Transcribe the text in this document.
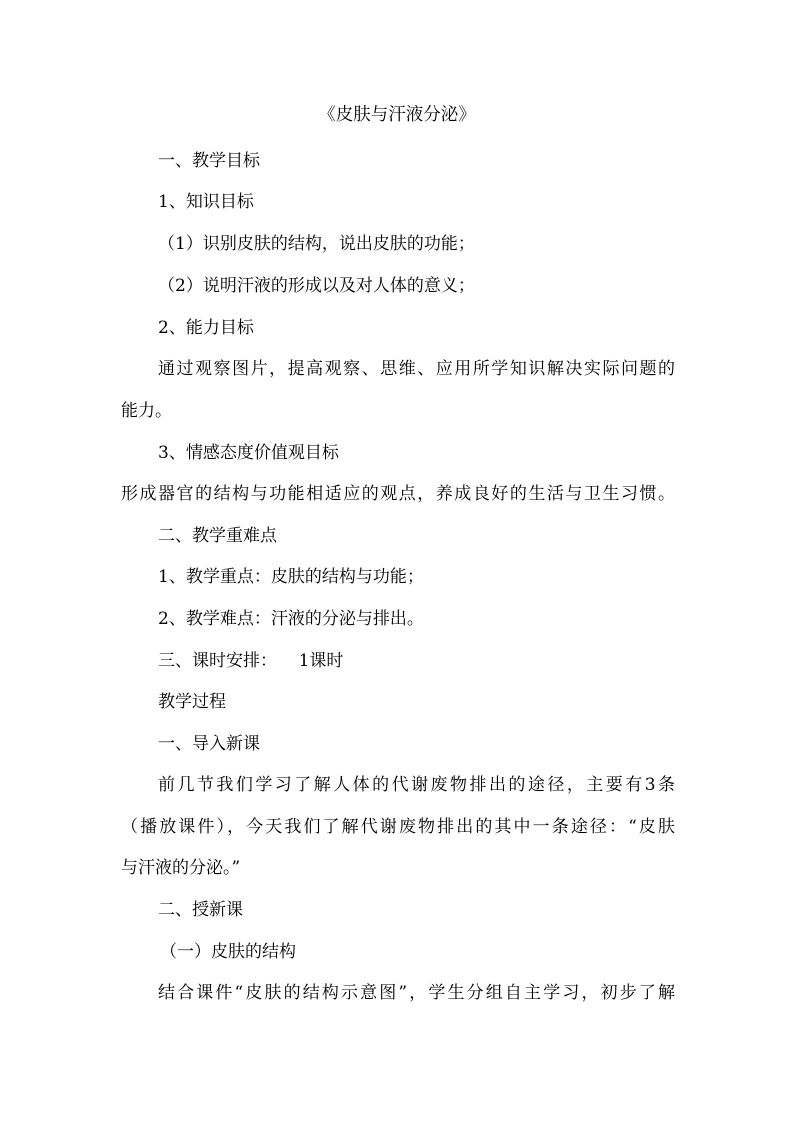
《皮肤与汗液分泌》

一、教学目标

1、知识目标

（1）识别皮肤的结构，说出皮肤的功能；

（2）说明汗液的形成以及对人体的意义；

2、能力目标

通过观察图片，提高观察、思维、应用所学知识解决实际问题的

能力。

3、情感态度价值观目标

形成器官的结构与功能相适应的观点，养成良好的生活与卫生习惯。

二、教学重难点

1、教学重点：皮肤的结构与功能；

2、教学难点：汗液的分泌与排出。

三、课时安排：    1课时

教学过程

一、导入新课

前几节我们学习了解人体的代谢废物排出的途径，主要有3条

（播放课件），今天我们了解代谢废物排出的其中一条途径：“皮肤

与汗液的分泌。”

二、授新课

（一）皮肤的结构

结合课件“皮肤的结构示意图”，学生分组自主学习，初步了解
